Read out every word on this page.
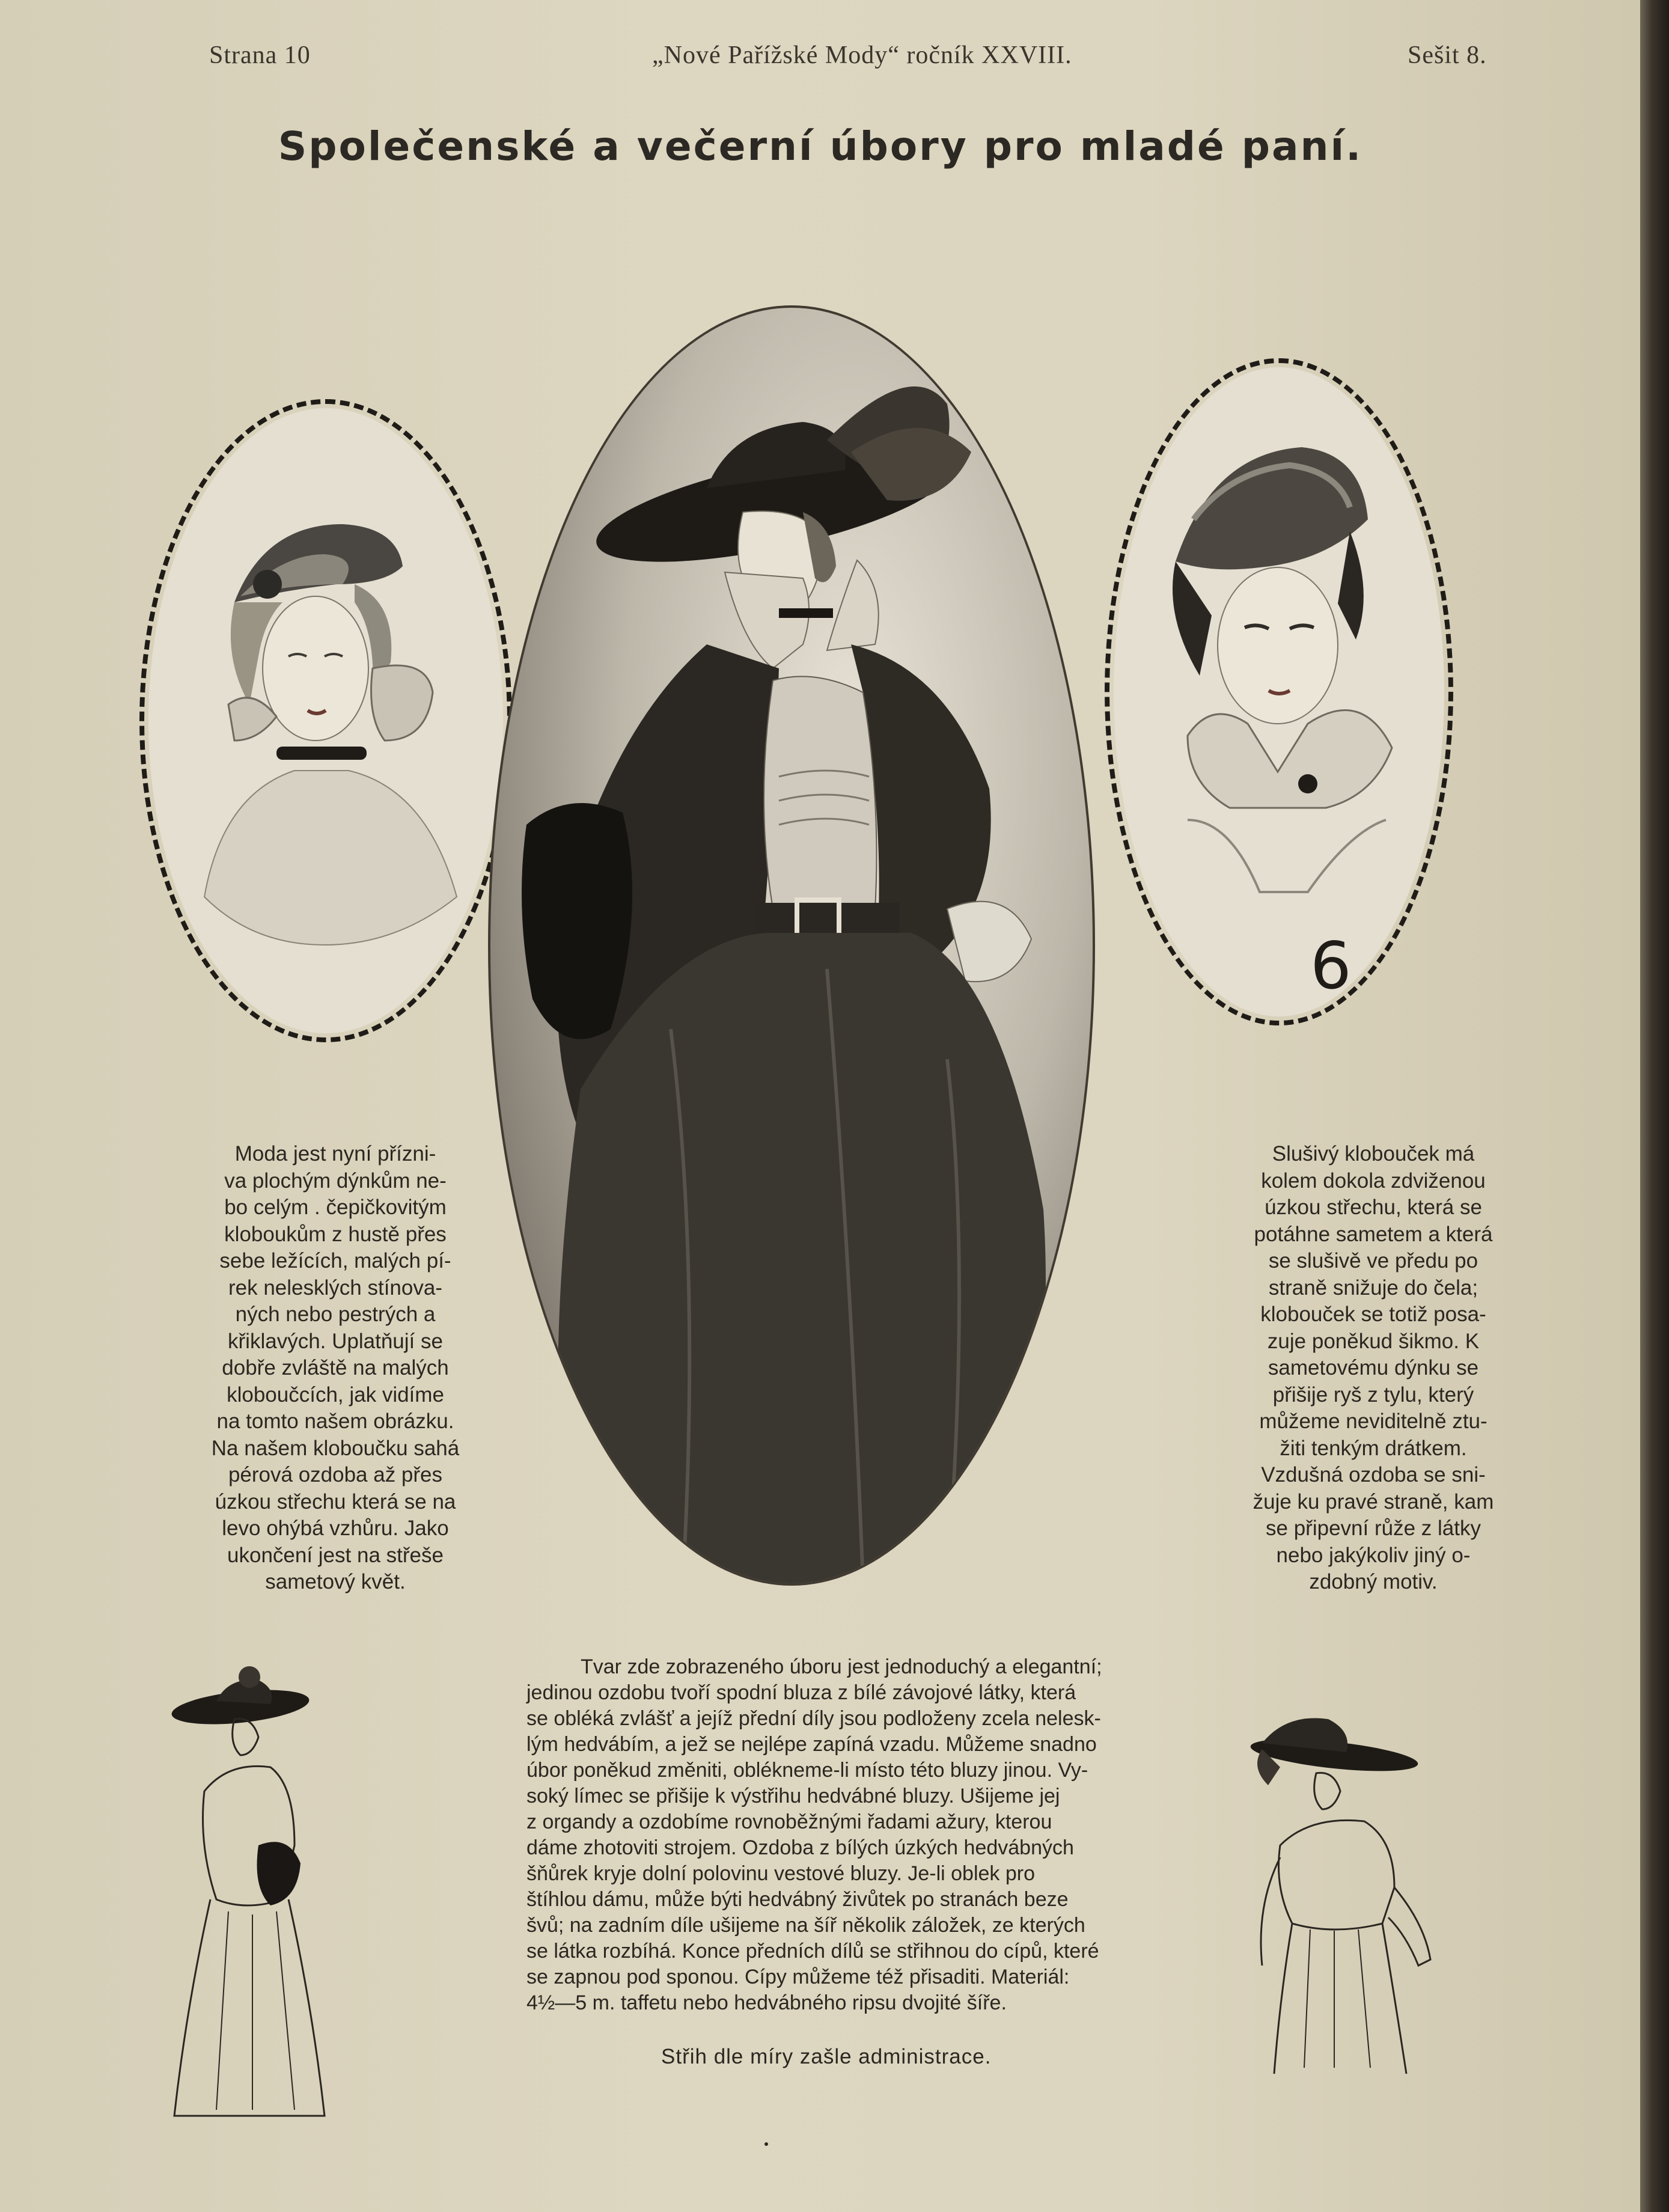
Strana 10	„Nové Pařížské Mody“ ročník XXVIII.	Sešit 8.
Společenské a večerní úbory pro mladé paní.
6
Moda jest nyní přízni-
va plochým dýnkům ne-
bo celým . čepičkovitým
kloboukům z hustě přes
sebe ležících, malých pí-
rek nelesklých stínova-
ných nebo pestrých a
křiklavých. Uplatňují se
dobře zvláště na malých
kloboučcích, jak vidíme
na tomto našem obrázku.
Na našem kloboučku sahá
pérová ozdoba až přes
úzkou střechu která se na
levo ohýbá vzhůru. Jako
ukončení jest na střeše
sametový květ.
Slušivý klobouček má
kolem dokola zdviženou
úzkou střechu, která se
potáhne sametem a která
se slušivě ve předu po
straně snižuje do čela;
klobouček se totiž posa-
zuje poněkud šikmo. K
sametovému dýnku se
přišije ryš z tylu, který
můžeme neviditelně ztu-
žiti tenkým drátkem.
Vzdušná ozdoba se sni-
žuje ku pravé straně, kam
se připevní růže z látky
nebo jakýkoliv jiný o-
zdobný motiv.
Tvar zde zobrazeného úboru jest jednoduchý a elegantní;
jedinou ozdobu tvoří spodní bluza z bílé závojové látky, která
se obléká zvlášť a jejíž přední díly jsou podloženy zcela nelesk-
lým hedvábím, a jež se nejlépe zapíná vzadu. Můžeme snadno
úbor poněkud změniti, oblékneme-li místo této bluzy jinou. Vy-
soký límec se přišije k výstřihu hedvábné bluzy. Ušijeme jej
z organdy a ozdobíme rovnoběžnými řadami ažury, kterou
dáme zhotoviti strojem. Ozdoba z bílých úzkých hedvábných
šňůrek kryje dolní polovinu vestové bluzy. Je-li oblek pro
štíhlou dámu, může býti hedvábný živůtek po stranách beze
švů; na zadním díle ušijeme na šíř několik záložek, ze kterých
se látka rozbíhá. Konce předních dílů se střihnou do cípů, které
se zapnou pod sponou. Cípy můžeme též přisaditi. Materiál:
4½—5 m. taffetu nebo hedvábného ripsu dvojité šíře.
Střih dle míry zašle administrace.
